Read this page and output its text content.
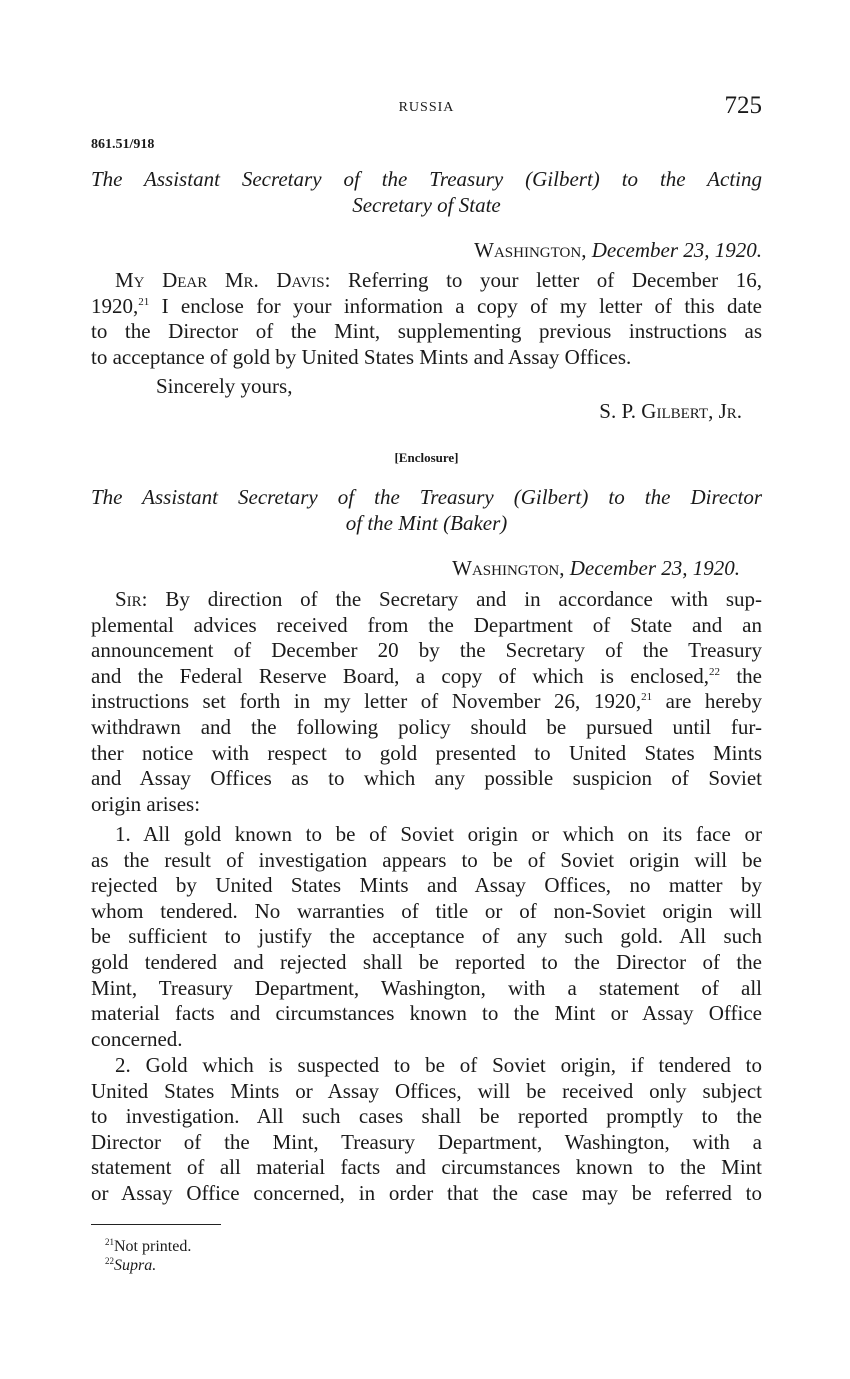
RUSSIA	725
861.51/918
The Assistant Secretary of the Treasury (Gilbert) to the Acting
Secretary of State
Washington, December 23, 1920.
My Dear Mr. Davis: Referring to your letter of December 16,
1920,21 I enclose for your information a copy of my letter of this date
to the Director of the Mint, supplementing previous instructions as
to acceptance of gold by United States Mints and Assay Offices.
Sincerely yours,
S. P. Gilbert, Jr.
[Enclosure]
The Assistant Secretary of the Treasury (Gilbert) to the Director
of the Mint (Baker)
Washington, December 23, 1920.
Sir: By direction of the Secretary and in accordance with sup-
plemental advices received from the Department of State and an
announcement of December 20 by the Secretary of the Treasury
and the Federal Reserve Board, a copy of which is enclosed,$^{22}$ the
instructions set forth in my letter of November 26, 1920,21 are hereby
withdrawn and the following policy should be pursued until fur-
ther notice with respect to gold presented to United States Mints
and Assay Offices as to which any possible suspicion of Soviet
origin arises:
1. All gold known to be of Soviet origin or which on its face or
as the result of investigation appears to be of Soviet origin will be
rejected by United States Mints and Assay Offices, no matter by
whom tendered. No warranties of title or of non-Soviet origin will
be sufficient to justify the acceptance of any such gold. All such
gold tendered and rejected shall be reported to the Director of the
Mint, Treasury Department, Washington, with a statement of all
material facts and circumstances known to the Mint or Assay Office
concerned.
2. Gold which is suspected to be of Soviet origin, if tendered to
United States Mints or Assay Offices, will be received only subject
to investigation. All such cases shall be reported promptly to the
Director of the Mint, Treasury Department, Washington, with a
statement of all material facts and circumstances known to the Mint
or Assay Office concerned, in order that the case may be referred to
$^{21}$Not printed.
$^{22}$Supra.
